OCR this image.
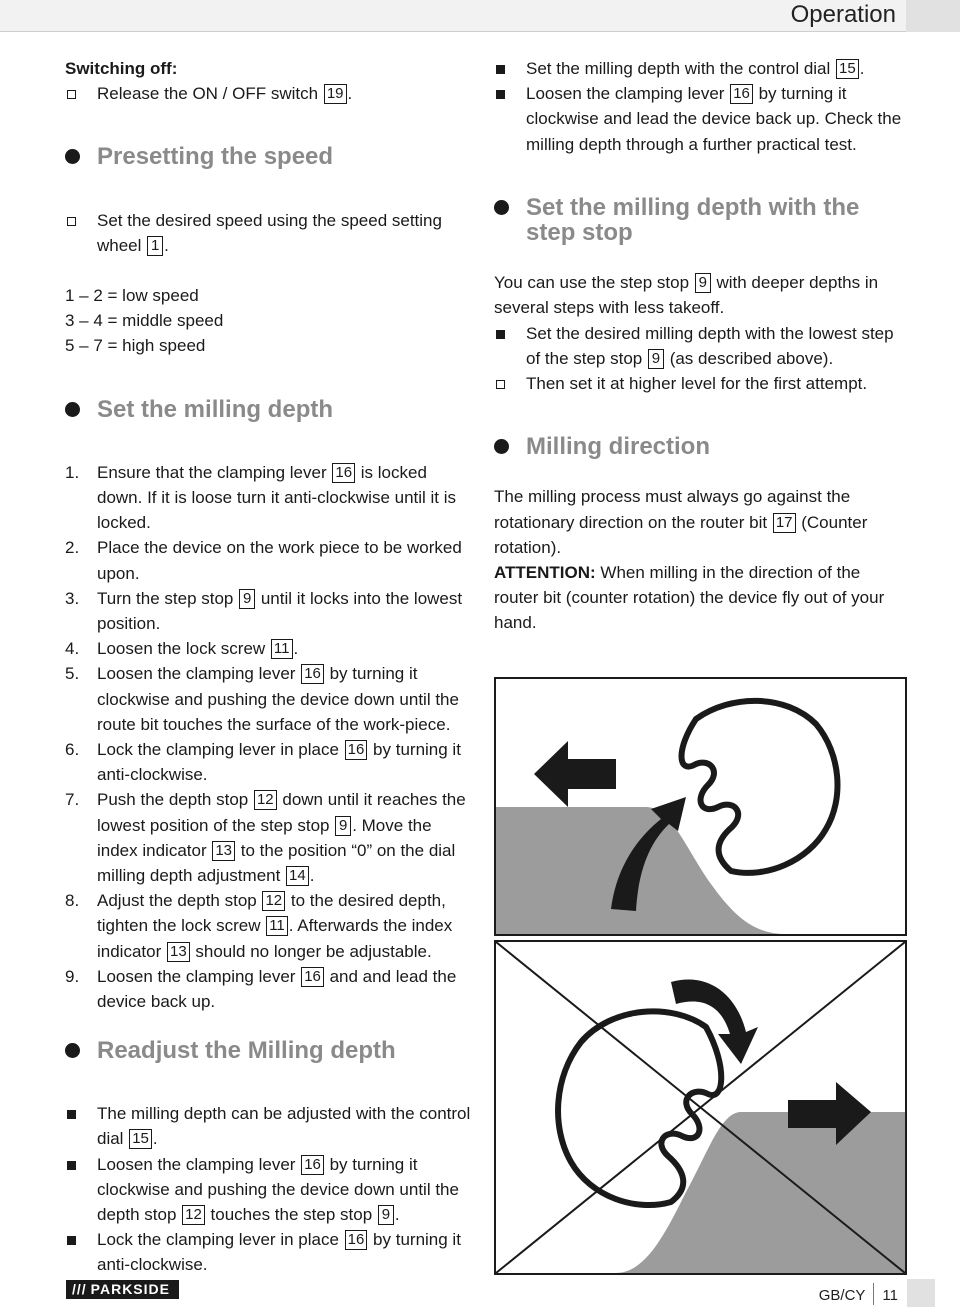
Operation
Switching off:
Release the ON / OFF switch 19 .
Presetting the speed
Set the desired speed using the speed setting wheel 1 .
1 – 2 = low speed
3 – 4 = middle speed
5 – 7 = high speed
Set the milling depth
1. Ensure that the clamping lever 16 is locked down. If it is loose turn it anti-clockwise until it is locked.
2. Place the device on the work piece to be worked upon.
3. Turn the step stop 9 until it locks into the lowest position.
4. Loosen the lock screw 11 .
5. Loosen the clamping lever 16 by turning it clockwise and pushing the device down until the route bit touches the surface of the work-piece.
6. Lock the clamping lever in place 16 by turning it anti-clockwise.
7. Push the depth stop 12 down until it reaches the lowest position of the step stop 9 . Move the index indicator 13 to the position “0” on the dial milling depth adjustment 14 .
8. Adjust the depth stop 12 to the desired depth, tighten the lock screw 11 . Afterwards the index indicator 13 should no longer be adjustable.
9. Loosen the clamping lever 16 and and lead the device back up.
Readjust the Milling depth
The milling depth can be adjusted with the control dial 15 .
Loosen the clamping lever 16 by turning it clockwise and pushing the device down until the depth stop 12 touches the step stop 9 .
Lock the clamping lever in place 16 by turning it anti-clockwise.
Set the milling depth with the control dial 15 .
Loosen the clamping lever 16 by turning it clockwise and lead the device back up. Check the milling depth through a further practical test.
Set the milling depth with the step stop
You can use the step stop 9 with deeper depths in several steps with less takeoff.
Set the desired milling depth with the lowest step of the step stop 9 (as described above).
Then set it at higher level for the first attempt.
Milling direction
The milling process must always go against the rotationary direction on the router bit 17 (Counter rotation).
ATTENTION: When milling in the direction of the router bit (counter rotation) the device fly out of your hand.
/// PARKSIDE	GB/CY 11
